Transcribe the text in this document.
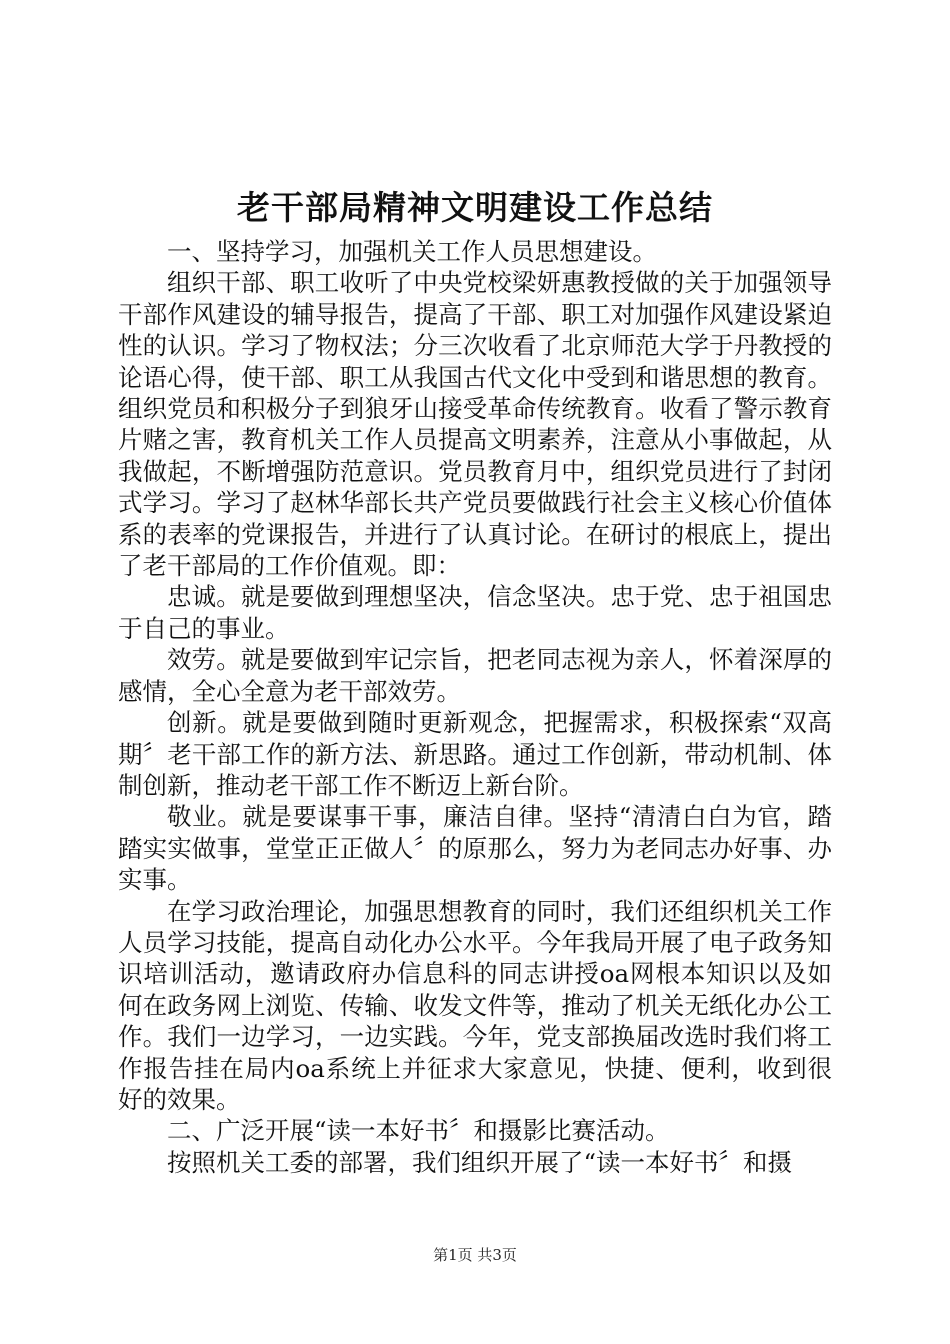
老干部局精神文明建设工作总结

一、坚持学习，加强机关工作人员思想建设。

组织干部、职工收听了中央党校梁妍惠教授做的关于加强领导干部作风建设的辅导报告，提高了干部、职工对加强作风建设紧迫性的认识。学习了物权法；分三次收看了北京师范大学于丹教授的论语心得，使干部、职工从我国古代文化中受到和谐思想的教育。组织党员和积极分子到狼牙山接受革命传统教育。收看了警示教育片赌之害，教育机关工作人员提高文明素养，注意从小事做起，从我做起，不断增强防范意识。党员教育月中，组织党员进行了封闭式学习。学习了赵林华部长共产党员要做践行社会主义核心价值体系的表率的党课报告，并进行了认真讨论。在研讨的根底上，提出了老干部局的工作价值观。即：

忠诚。就是要做到理想坚决，信念坚决。忠于党、忠于祖国忠于自己的事业。

效劳。就是要做到牢记宗旨，把老同志视为亲人，怀着深厚的感情，全心全意为老干部效劳。

创新。就是要做到随时更新观念，把握需求，积极探索“双高期〞老干部工作的新方法、新思路。通过工作创新，带动机制、体制创新，推动老干部工作不断迈上新台阶。

敬业。就是要谋事干事，廉洁自律。坚持“清清白白为官，踏踏实实做事，堂堂正正做人〞的原那么，努力为老同志办好事、办实事。

在学习政治理论，加强思想教育的同时，我们还组织机关工作人员学习技能，提高自动化办公水平。今年我局开展了电子政务知识培训活动，邀请政府办信息科的同志讲授oa网根本知识以及如何在政务网上浏览、传输、收发文件等，推动了机关无纸化办公工作。我们一边学习，一边实践。今年，党支部换届改选时我们将工作报告挂在局内oa系统上并征求大家意见，快捷、便利，收到很好的效果。

二、广泛开展“读一本好书〞和摄影比赛活动。

按照机关工委的部署，我们组织开展了“读一本好书〞和摄

第1页 共3页
